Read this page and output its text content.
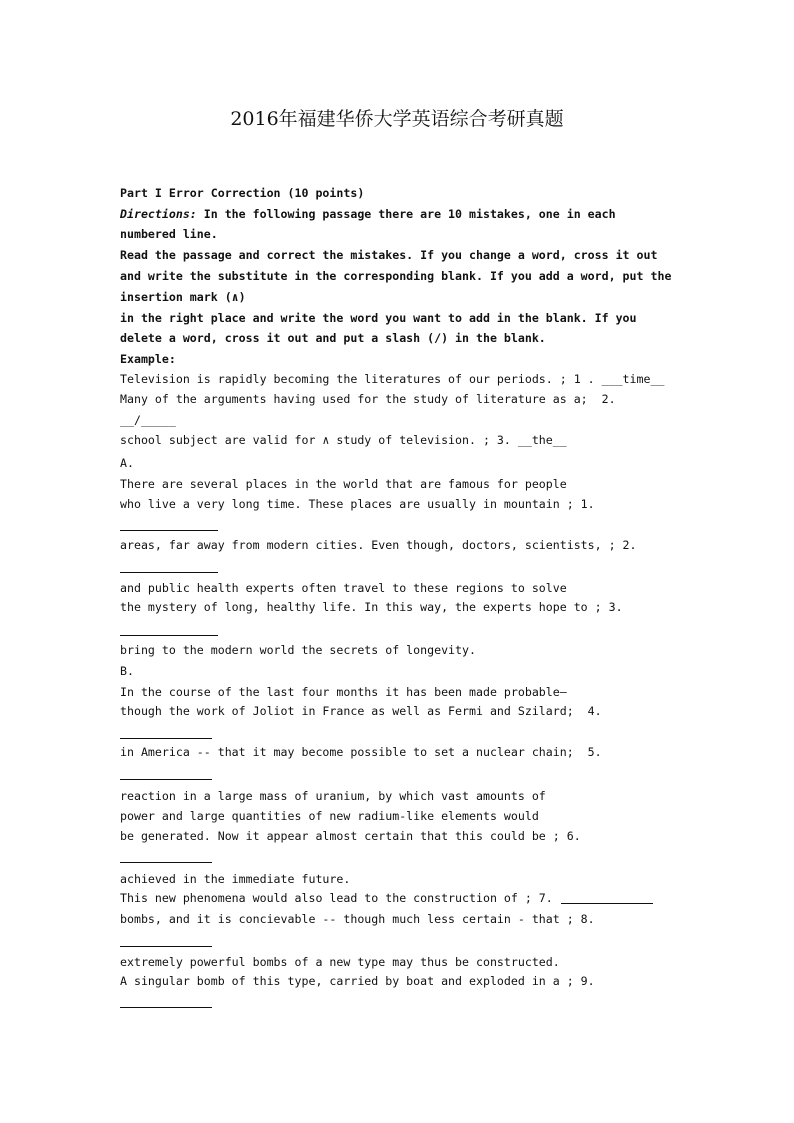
2016年福建华侨大学英语综合考研真题
Part I Error Correction (10 points)
Directions: In the following passage there are 10 mistakes, one in each
numbered line.
Read the passage and correct the mistakes. If you change a word, cross it out
and write the substitute in the corresponding blank. If you add a word, put the
insertion mark (∧)
in the right place and write the word you want to add in the blank. If you
delete a word, cross it out and put a slash (/) in the blank.
Example:
Television is rapidly becoming the literatures of our periods. ; 1 . ___time__
Many of the arguments having used for the study of literature as a;  2.
__/_____
school subject are valid for ∧ study of television. ; 3. __the__
A.
There are several places in the world that are famous for people
who live a very long time. These places are usually in mountain ; 1.
areas, far away from modern cities. Even though, doctors, scientists, ; 2.
and public health experts often travel to these regions to solve
the mystery of long, healthy life. In this way, the experts hope to ; 3.
bring to the modern world the secrets of longevity.
B.
In the course of the last four months it has been made probable—
though the work of Joliot in France as well as Fermi and Szilard;  4.
in America -- that it may become possible to set a nuclear chain;  5.
reaction in a large mass of uranium, by which vast amounts of
power and large quantities of new radium-like elements would
be generated. Now it appear almost certain that this could be ; 6.
achieved in the immediate future.
This new phenomena would also lead to the construction of ; 7.
bombs, and it is concievable -- though much less certain - that ; 8.
extremely powerful bombs of a new type may thus be constructed.
A singular bomb of this type, carried by boat and exploded in a ; 9.
